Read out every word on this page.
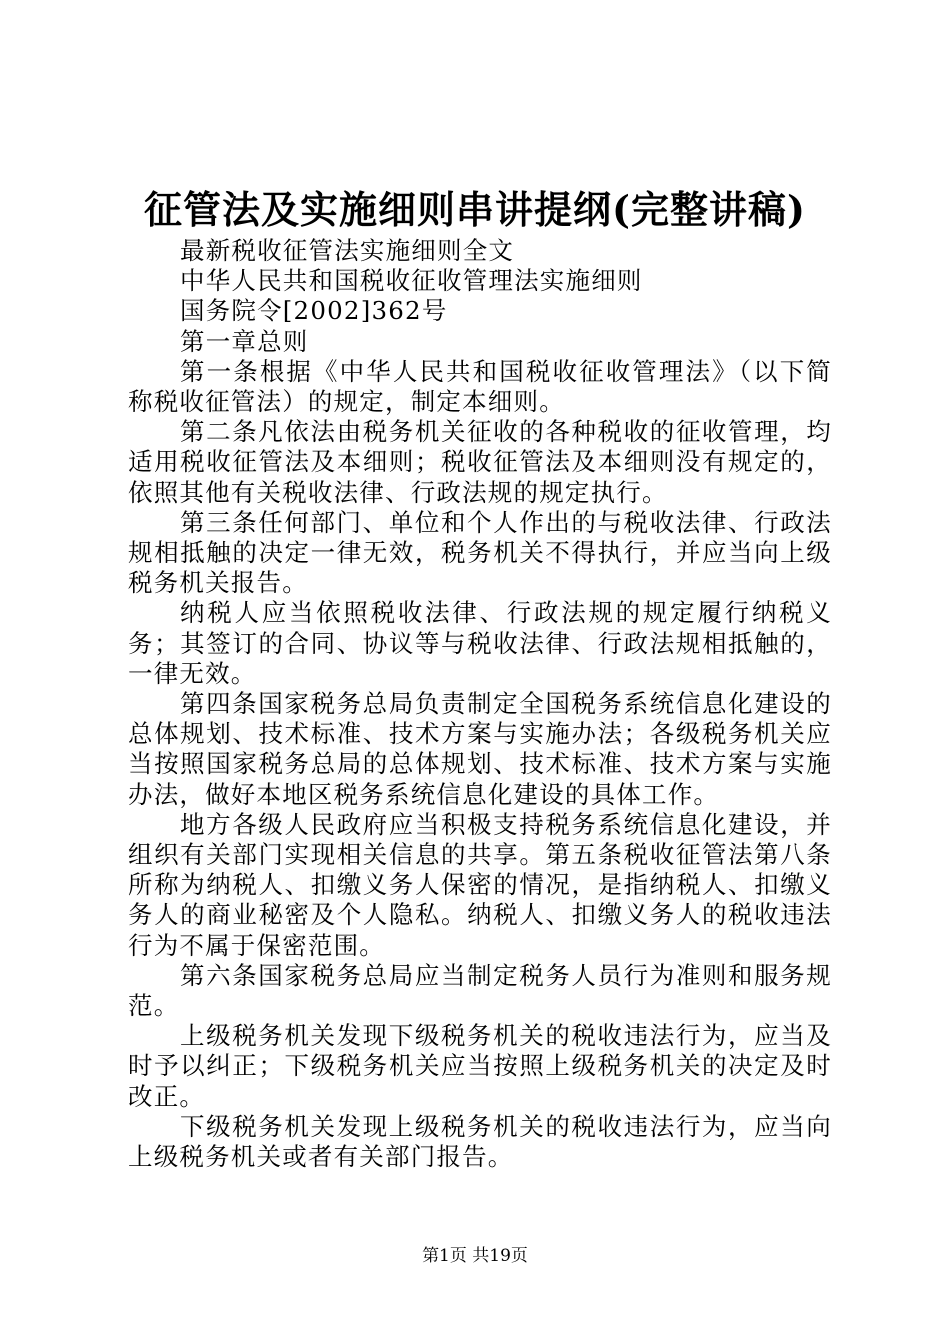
征管法及实施细则串讲提纲(完整讲稿)

最新税收征管法实施细则全文

中华人民共和国税收征收管理法实施细则

国务院令[2002]362号

第一章总则

第一条根据《中华人民共和国税收征收管理法》（以下简称税收征管法）的规定，制定本细则。

第二条凡依法由税务机关征收的各种税收的征收管理，均适用税收征管法及本细则；税收征管法及本细则没有规定的，依照其他有关税收法律、行政法规的规定执行。

第三条任何部门、单位和个人作出的与税收法律、行政法规相抵触的决定一律无效，税务机关不得执行，并应当向上级税务机关报告。

纳税人应当依照税收法律、行政法规的规定履行纳税义务；其签订的合同、协议等与税收法律、行政法规相抵触的，一律无效。

第四条国家税务总局负责制定全国税务系统信息化建设的总体规划、技术标准、技术方案与实施办法；各级税务机关应当按照国家税务总局的总体规划、技术标准、技术方案与实施办法，做好本地区税务系统信息化建设的具体工作。

地方各级人民政府应当积极支持税务系统信息化建设，并组织有关部门实现相关信息的共享。第五条税收征管法第八条所称为纳税人、扣缴义务人保密的情况，是指纳税人、扣缴义务人的商业秘密及个人隐私。纳税人、扣缴义务人的税收违法行为不属于保密范围。

第六条国家税务总局应当制定税务人员行为准则和服务规范。

上级税务机关发现下级税务机关的税收违法行为，应当及时予以纠正；下级税务机关应当按照上级税务机关的决定及时改正。

下级税务机关发现上级税务机关的税收违法行为，应当向上级税务机关或者有关部门报告。

第1页 共19页
